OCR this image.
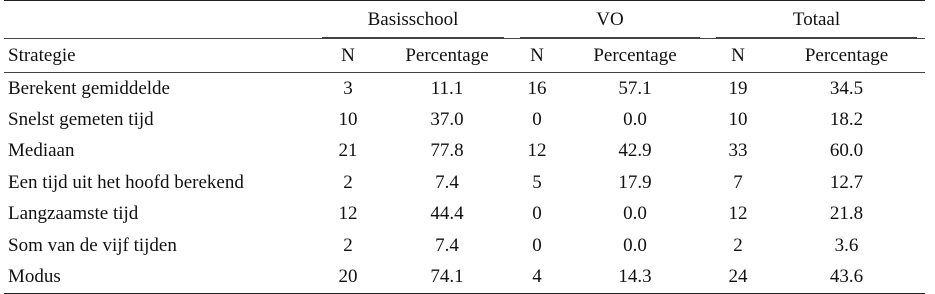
	Basisschool		VO		Totaal	

Strategie	N	Percentage	N	Percentage	N	Percentage
Berekent gemiddelde	3	11.1	16	57.1	19	34.5
Snelst gemeten tijd	10	37.0	0	0.0	10	18.2
Mediaan	21	77.8	12	42.9	33	60.0
Een tijd uit het hoofd berekend	2	7.4	5	17.9	7	12.7
Langzaamste tijd	12	44.4	0	0.0	12	21.8
Som van de vijf tijden	2	7.4	0	0.0	2	3.6
Modus	20	74.1	4	14.3	24	43.6
